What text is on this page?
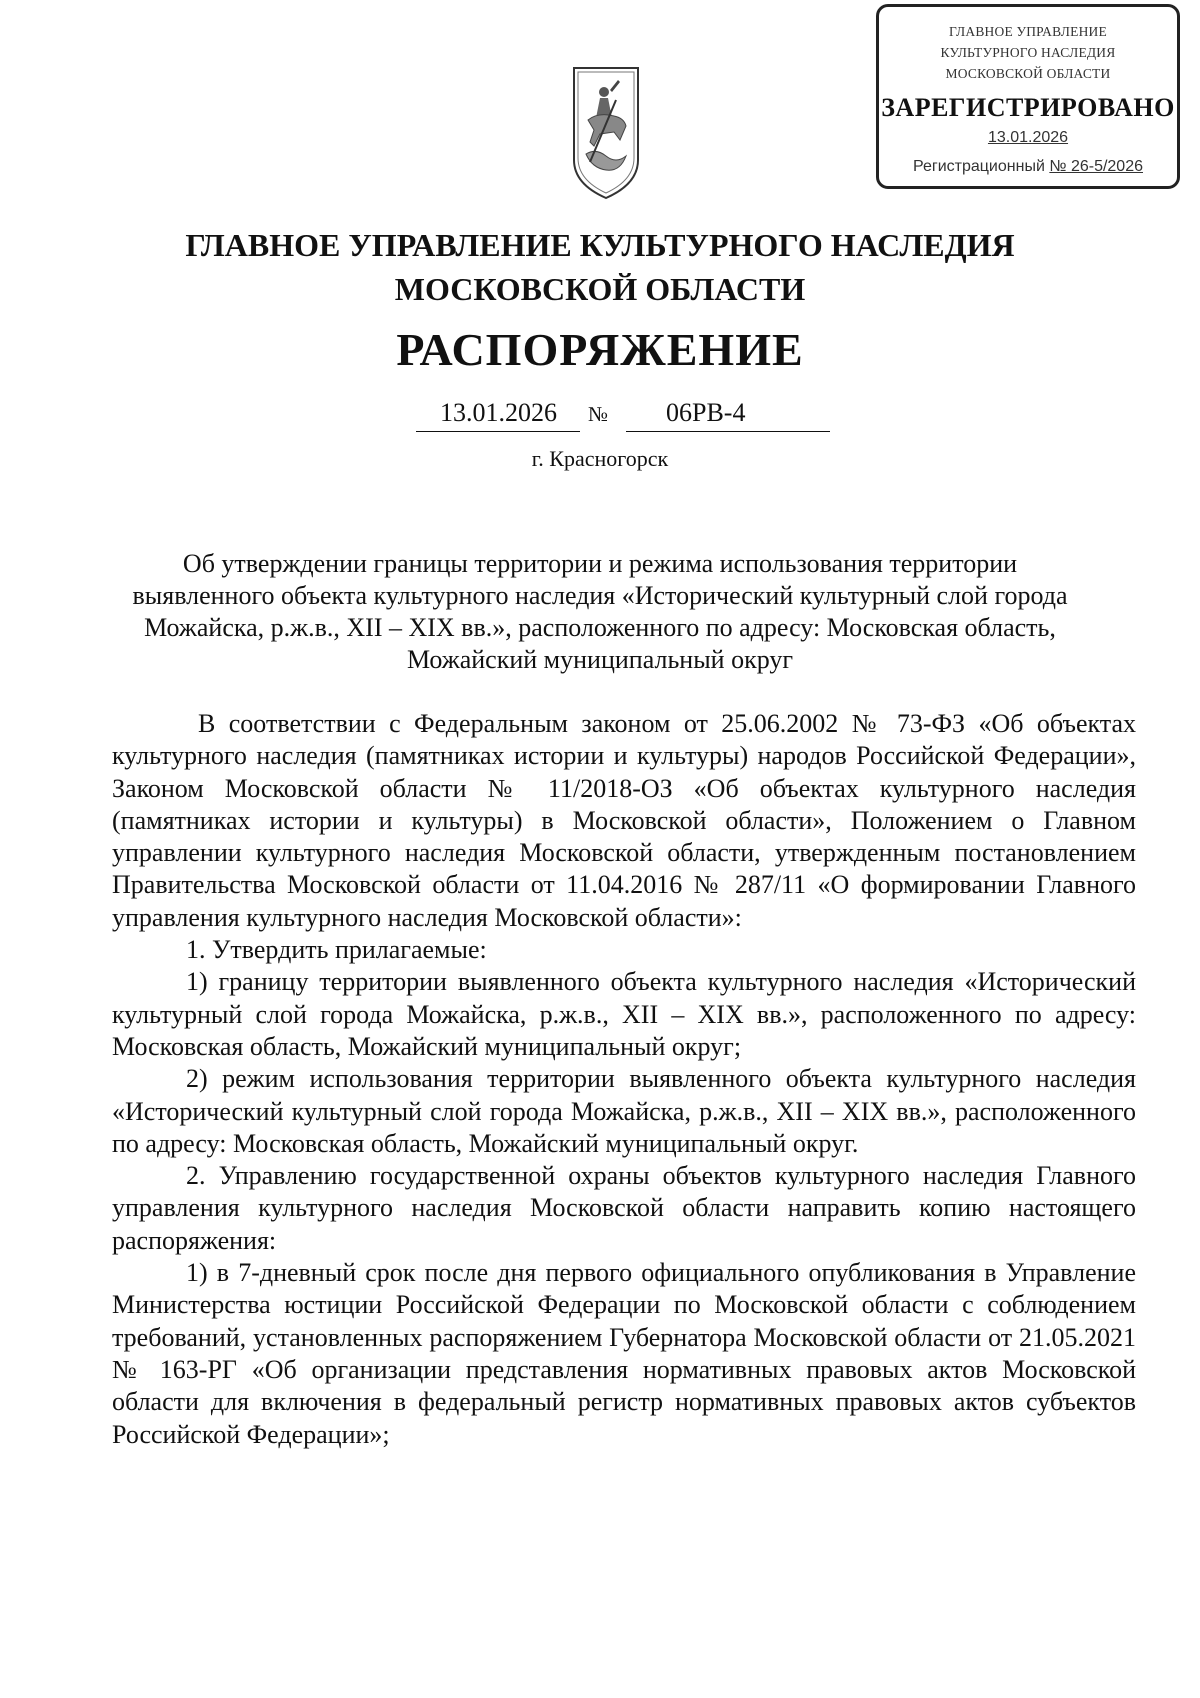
ГЛАВНОЕ УПРАВЛЕНИЕ
КУЛЬТУРНОГО НАСЛЕДИЯ
МОСКОВСКОЙ ОБЛАСТИ
ЗАРЕГИСТРИРОВАНО
13.01.2026
Регистрационный № 26-5/2026
ГЛАВНОЕ УПРАВЛЕНИЕ КУЛЬТУРНОГО НАСЛЕДИЯ
МОСКОВСКОЙ ОБЛАСТИ
РАСПОРЯЖЕНИЕ
13.01.2026 № 06РВ-4
г. Красногорск
Об утверждении границы территории и режима использования территории
выявленного объекта культурного наследия «Исторический культурный слой города
Можайска, р.ж.в., XII – XIX вв.», расположенного по адресу: Московская область,
Можайский муниципальный округ

В соответствии с Федеральным законом от 25.06.2002 № 73-ФЗ «Об объектах культурного наследия (памятниках истории и культуры) народов Российской Федерации», Законом Московской области № 11/2018-ОЗ «Об объектах культурного наследия (памятниках истории и культуры) в Московской области», Положением о Главном управлении культурного наследия Московской области, утвержденным постановлением Правительства Московской области от 11.04.2016 № 287/11 «О формировании Главного управления культурного наследия Московской области»:

1. Утвердить прилагаемые:

1) границу территории выявленного объекта культурного наследия «Исторический культурный слой города Можайска, р.ж.в., XII – XIX вв.», расположенного по адресу: Московская область, Можайский муниципальный округ;

2) режим использования территории выявленного объекта культурного наследия «Исторический культурный слой города Можайска, р.ж.в., XII – XIX вв.», расположенного по адресу: Московская область, Можайский муниципальный округ.

2. Управлению государственной охраны объектов культурного наследия Главного управления культурного наследия Московской области направить копию настоящего распоряжения:

1) в 7-дневный срок после дня первого официального опубликования в Управление Министерства юстиции Российской Федерации по Московской области с соблюдением требований, установленных распоряжением Губернатора Московской области от 21.05.2021 № 163-РГ «Об организации представления нормативных правовых актов Московской области для включения в федеральный регистр нормативных правовых актов субъектов Российской Федерации»;
